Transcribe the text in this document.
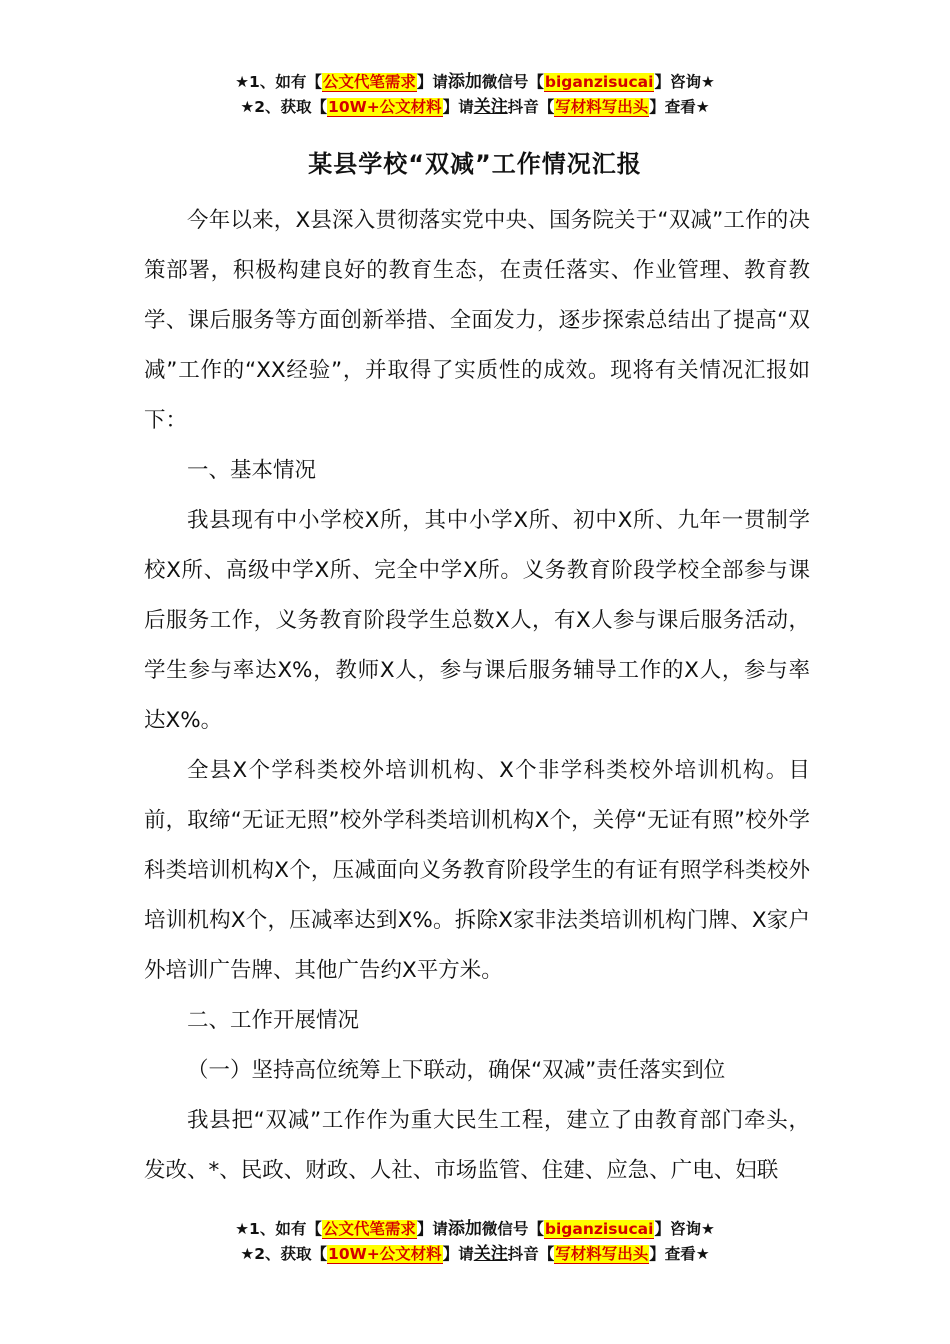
★1、如有【公文代笔需求】请添加微信号【biganzisucai】咨询★
★2、获取【10W+公文材料】请关注抖音【写材料写出头】查看★
某县学校“双减”工作情况汇报

今年以来，X县深入贯彻落实党中央、国务院关于“双减”工作的决策部署，积极构建良好的教育生态，在责任落实、作业管理、教育教学、课后服务等方面创新举措、全面发力，逐步探索总结出了提高“双减”工作的“XX经验”，并取得了实质性的成效。现将有关情况汇报如下：

一、基本情况

我县现有中小学校X所，其中小学X所、初中X所、九年一贯制学校X所、高级中学X所、完全中学X所。义务教育阶段学校全部参与课后服务工作，义务教育阶段学生总数X人，有X人参与课后服务活动，学生参与率达X%，教师X人，参与课后服务辅导工作的X人，参与率达X%。

全县X个学科类校外培训机构、X个非学科类校外培训机构。目前，取缔“无证无照”校外学科类培训机构X个，关停“无证有照”校外学科类培训机构X个，压减面向义务教育阶段学生的有证有照学科类校外培训机构X个，压减率达到X%。拆除X家非法类培训机构门牌、X家户外培训广告牌、其他广告约X平方米。

二、工作开展情况

（一）坚持高位统筹上下联动，确保“双减”责任落实到位

我县把“双减”工作作为重大民生工程，建立了由教育部门牵头，发改、*、民政、财政、人社、市场监管、住建、应急、广电、妇联

★1、如有【公文代笔需求】请添加微信号【biganzisucai】咨询★
★2、获取【10W+公文材料】请关注抖音【写材料写出头】查看★
